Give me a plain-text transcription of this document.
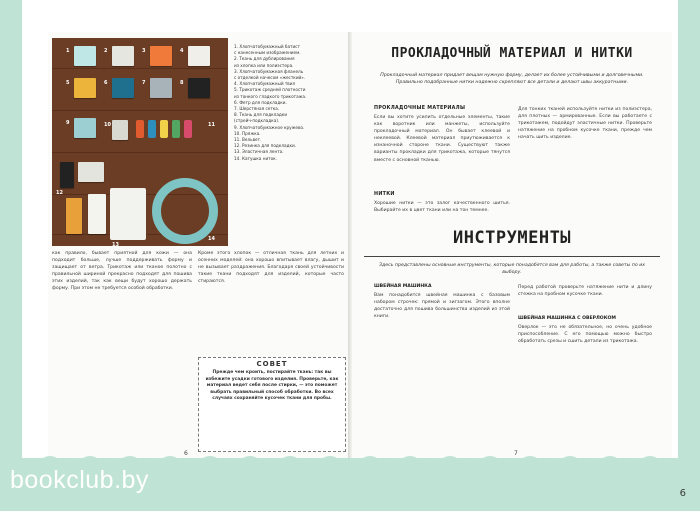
1	2	3	4
5	6	7	8
9	10	11
12
13
14
1. Хлопчатобумажный батист
с нанесенным изображением.
2. Ткань для дублирования
из хлопка или полиэстера.
3. Хлопчатобумажная фланель
с отделкой начесом «жесткий».
4. Хлопчатобумажный твил
5. Трикотаж средней плотности
из тонкого гладкого трикотажа.
6. Фетр для подкладки.
7. Шерстяная сетка.
8. Ткань для подкладки
(стрейч-подкладка).
9. Хлопчатобумажное кружево.
10. Пряжка.
11. Вельвет.
12. Резинка для подкладки.
13. Эластичная лента.
14. Катушка ниток.

как правило, бывает приятной для кожи — она подходит больше, лучше поддерживать форму и защищает от ветра. Трикотаж или тканое полотно с правильной шириной прекрасно подходят для пошива этих изделий, так как вещи будут хорошо держать форму. При этом не требуется особой обработки.

Кроме этого хлопок — отличная ткань для летних и осенних моделей: она хорошо впитывает влагу, дышит и не вызывает раздражения. Благодаря своей устойчивости такие ткани подходят для изделий, которые часто стираются.

СОВЕТ
Прежде чем кроить, постирайте ткань: так вы избежите усадки готового изделия. Проверьте, как материал ведет себя после стирки, — это поможет выбрать правильный способ обработки. Во всех случаях сохраняйте кусочек ткани для пробы.
6
ПРОКЛАДОЧНЫЙ МАТЕРИАЛ И НИТКИ
Прокладочный материал придает вещам нужную форму, делает их более устойчивыми и долговечными. Правильно подобранные нитки надежно скрепляют все детали и делают швы аккуратными.
ПРОКЛАДОЧНЫЕ МАТЕРИАЛЫ

Если вы хотите усилить отдельные элементы, такие как воротник или манжеты, используйте прокладочный материал. Он бывает клеевой и неклеевой. Клеевой материал приутюживается к изнаночной стороне ткани. Существуют также варианты прокладки для трикотажа, которые тянутся вместе с основной тканью.

НИТКИ

Хорошие нитки — это залог качественного шитья. Выбирайте их в цвет ткани или на тон темнее.

Для тонких тканей используйте нитки из полиэстера, для плотных — армированные. Если вы работаете с трикотажем, подойдут эластичные нитки. Проверьте натяжение на пробном кусочке ткани, прежде чем начать шить изделие.

ИНСТРУМЕНТЫ
Здесь представлены основные инструменты, которые понадобятся вам для работы, а также советы по их выбору.
ШВЕЙНАЯ МАШИНКА

Вам понадобится швейная машинка с базовым набором строчек: прямой и зигзагом. Этого вполне достаточно для пошива большинства изделий из этой книги.

Перед работой проверьте натяжение нити и длину стежка на пробном кусочке ткани.

ШВЕЙНАЯ МАШИНКА С ОВЕРЛОКОМ

Оверлок — это не обязательное, но очень удобное приспособление. С его помощью можно быстро обработать срезы и сшить детали из трикотажа.

7
bookclub.by	6
